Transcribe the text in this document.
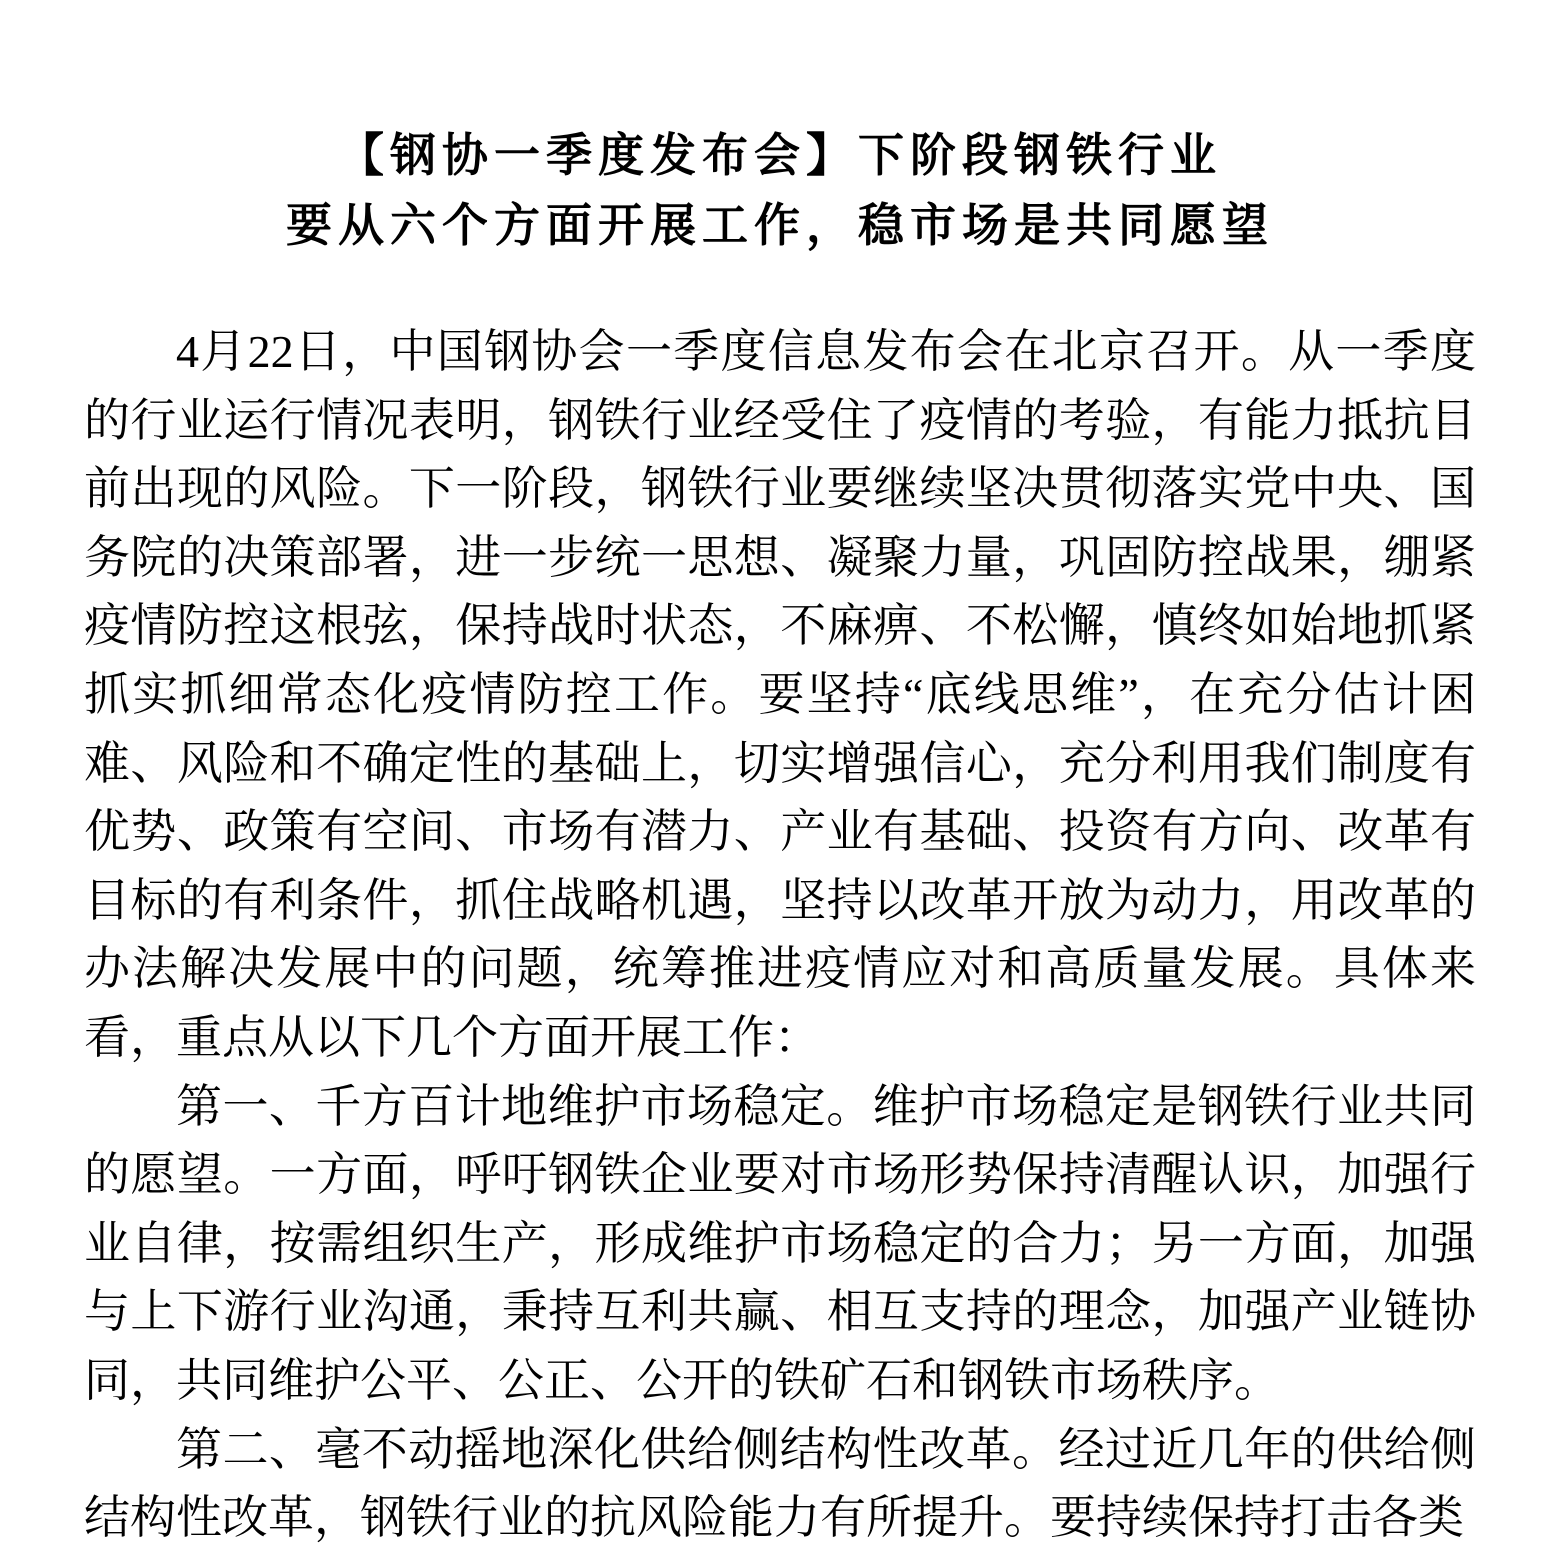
【钢协一季度发布会】下阶段钢铁行业
要从六个方面开展工作，稳市场是共同愿望

4月22日，中国钢协会一季度信息发布会在北京召开。从一季度的行业运行情况表明，钢铁行业经受住了疫情的考验，有能力抵抗目前出现的风险。下一阶段，钢铁行业要继续坚决贯彻落实党中央、国务院的决策部署，进一步统一思想、凝聚力量，巩固防控战果，绷紧疫情防控这根弦，保持战时状态，不麻痹、不松懈，慎终如始地抓紧抓实抓细常态化疫情防控工作。要坚持“底线思维”，在充分估计困难、风险和不确定性的基础上，切实增强信心，充分利用我们制度有优势、政策有空间、市场有潜力、产业有基础、投资有方向、改革有目标的有利条件，抓住战略机遇，坚持以改革开放为动力，用改革的办法解决发展中的问题，统筹推进疫情应对和高质量发展。具体来看，重点从以下几个方面开展工作：

第一、千方百计地维护市场稳定。维护市场稳定是钢铁行业共同的愿望。一方面，呼吁钢铁企业要对市场形势保持清醒认识，加强行业自律，按需组织生产，形成维护市场稳定的合力；另一方面，加强与上下游行业沟通，秉持互利共赢、相互支持的理念，加强产业链协同，共同维护公平、公正、公开的铁矿石和钢铁市场秩序。

第二、毫不动摇地深化供给侧结构性改革。经过近几年的供给侧结构性改革，钢铁行业的抗风险能力有所提升。要持续保持打击各类
